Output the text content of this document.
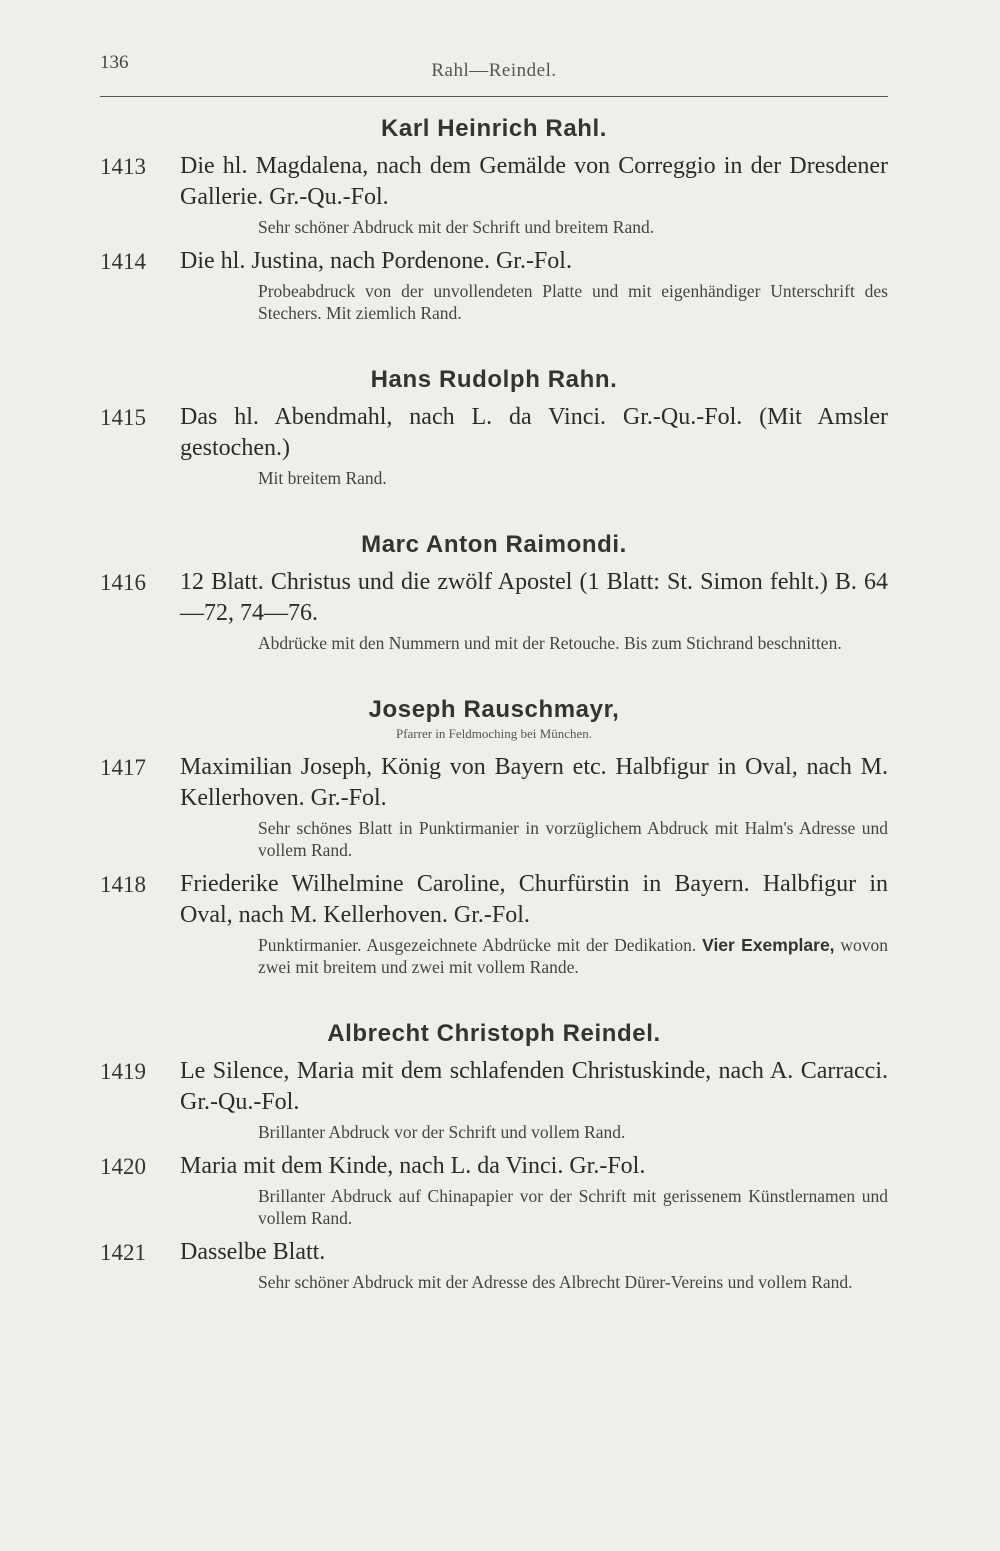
136	Rahl—Reindel.
Karl Heinrich Rahl.
1413	Die hl. Magdalena, nach dem Gemälde von Correggio in der Dresdener Gallerie. Gr.-Qu.-Fol.
Sehr schöner Abdruck mit der Schrift und breitem Rand.
1414	Die hl. Justina, nach Pordenone. Gr.-Fol.
Probeabdruck von der unvollendeten Platte und mit eigenhändiger Unterschrift des Stechers. Mit ziemlich Rand.
Hans Rudolph Rahn.
1415	Das hl. Abendmahl, nach L. da Vinci. Gr.-Qu.-Fol. (Mit Amsler gestochen.)
Mit breitem Rand.
Marc Anton Raimondi.
1416	12 Blatt. Christus und die zwölf Apostel (1 Blatt: St. Simon fehlt.) B. 64—72, 74—76.
Abdrücke mit den Nummern und mit der Retouche. Bis zum Stichrand beschnitten.
Joseph Rauschmayr,
Pfarrer in Feldmoching bei München.
1417	Maximilian Joseph, König von Bayern etc. Halbfigur in Oval, nach M. Kellerhoven. Gr.-Fol.
Sehr schönes Blatt in Punktirmanier in vorzüglichem Abdruck mit Halm's Adresse und vollem Rand.
1418	Friederike Wilhelmine Caroline, Churfürstin in Bayern. Halbfigur in Oval, nach M. Kellerhoven. Gr.-Fol.
Punktirmanier. Ausgezeichnete Abdrücke mit der Dedikation. Vier Exemplare, wovon zwei mit breitem und zwei mit vollem Rande.
Albrecht Christoph Reindel.
1419	Le Silence, Maria mit dem schlafenden Christuskinde, nach A. Carracci. Gr.-Qu.-Fol.
Brillanter Abdruck vor der Schrift und vollem Rand.
1420	Maria mit dem Kinde, nach L. da Vinci. Gr.-Fol.
Brillanter Abdruck auf Chinapapier vor der Schrift mit gerissenem Künstlernamen und vollem Rand.
1421	Dasselbe Blatt.
Sehr schöner Abdruck mit der Adresse des Albrecht Dürer-Vereins und vollem Rand.
